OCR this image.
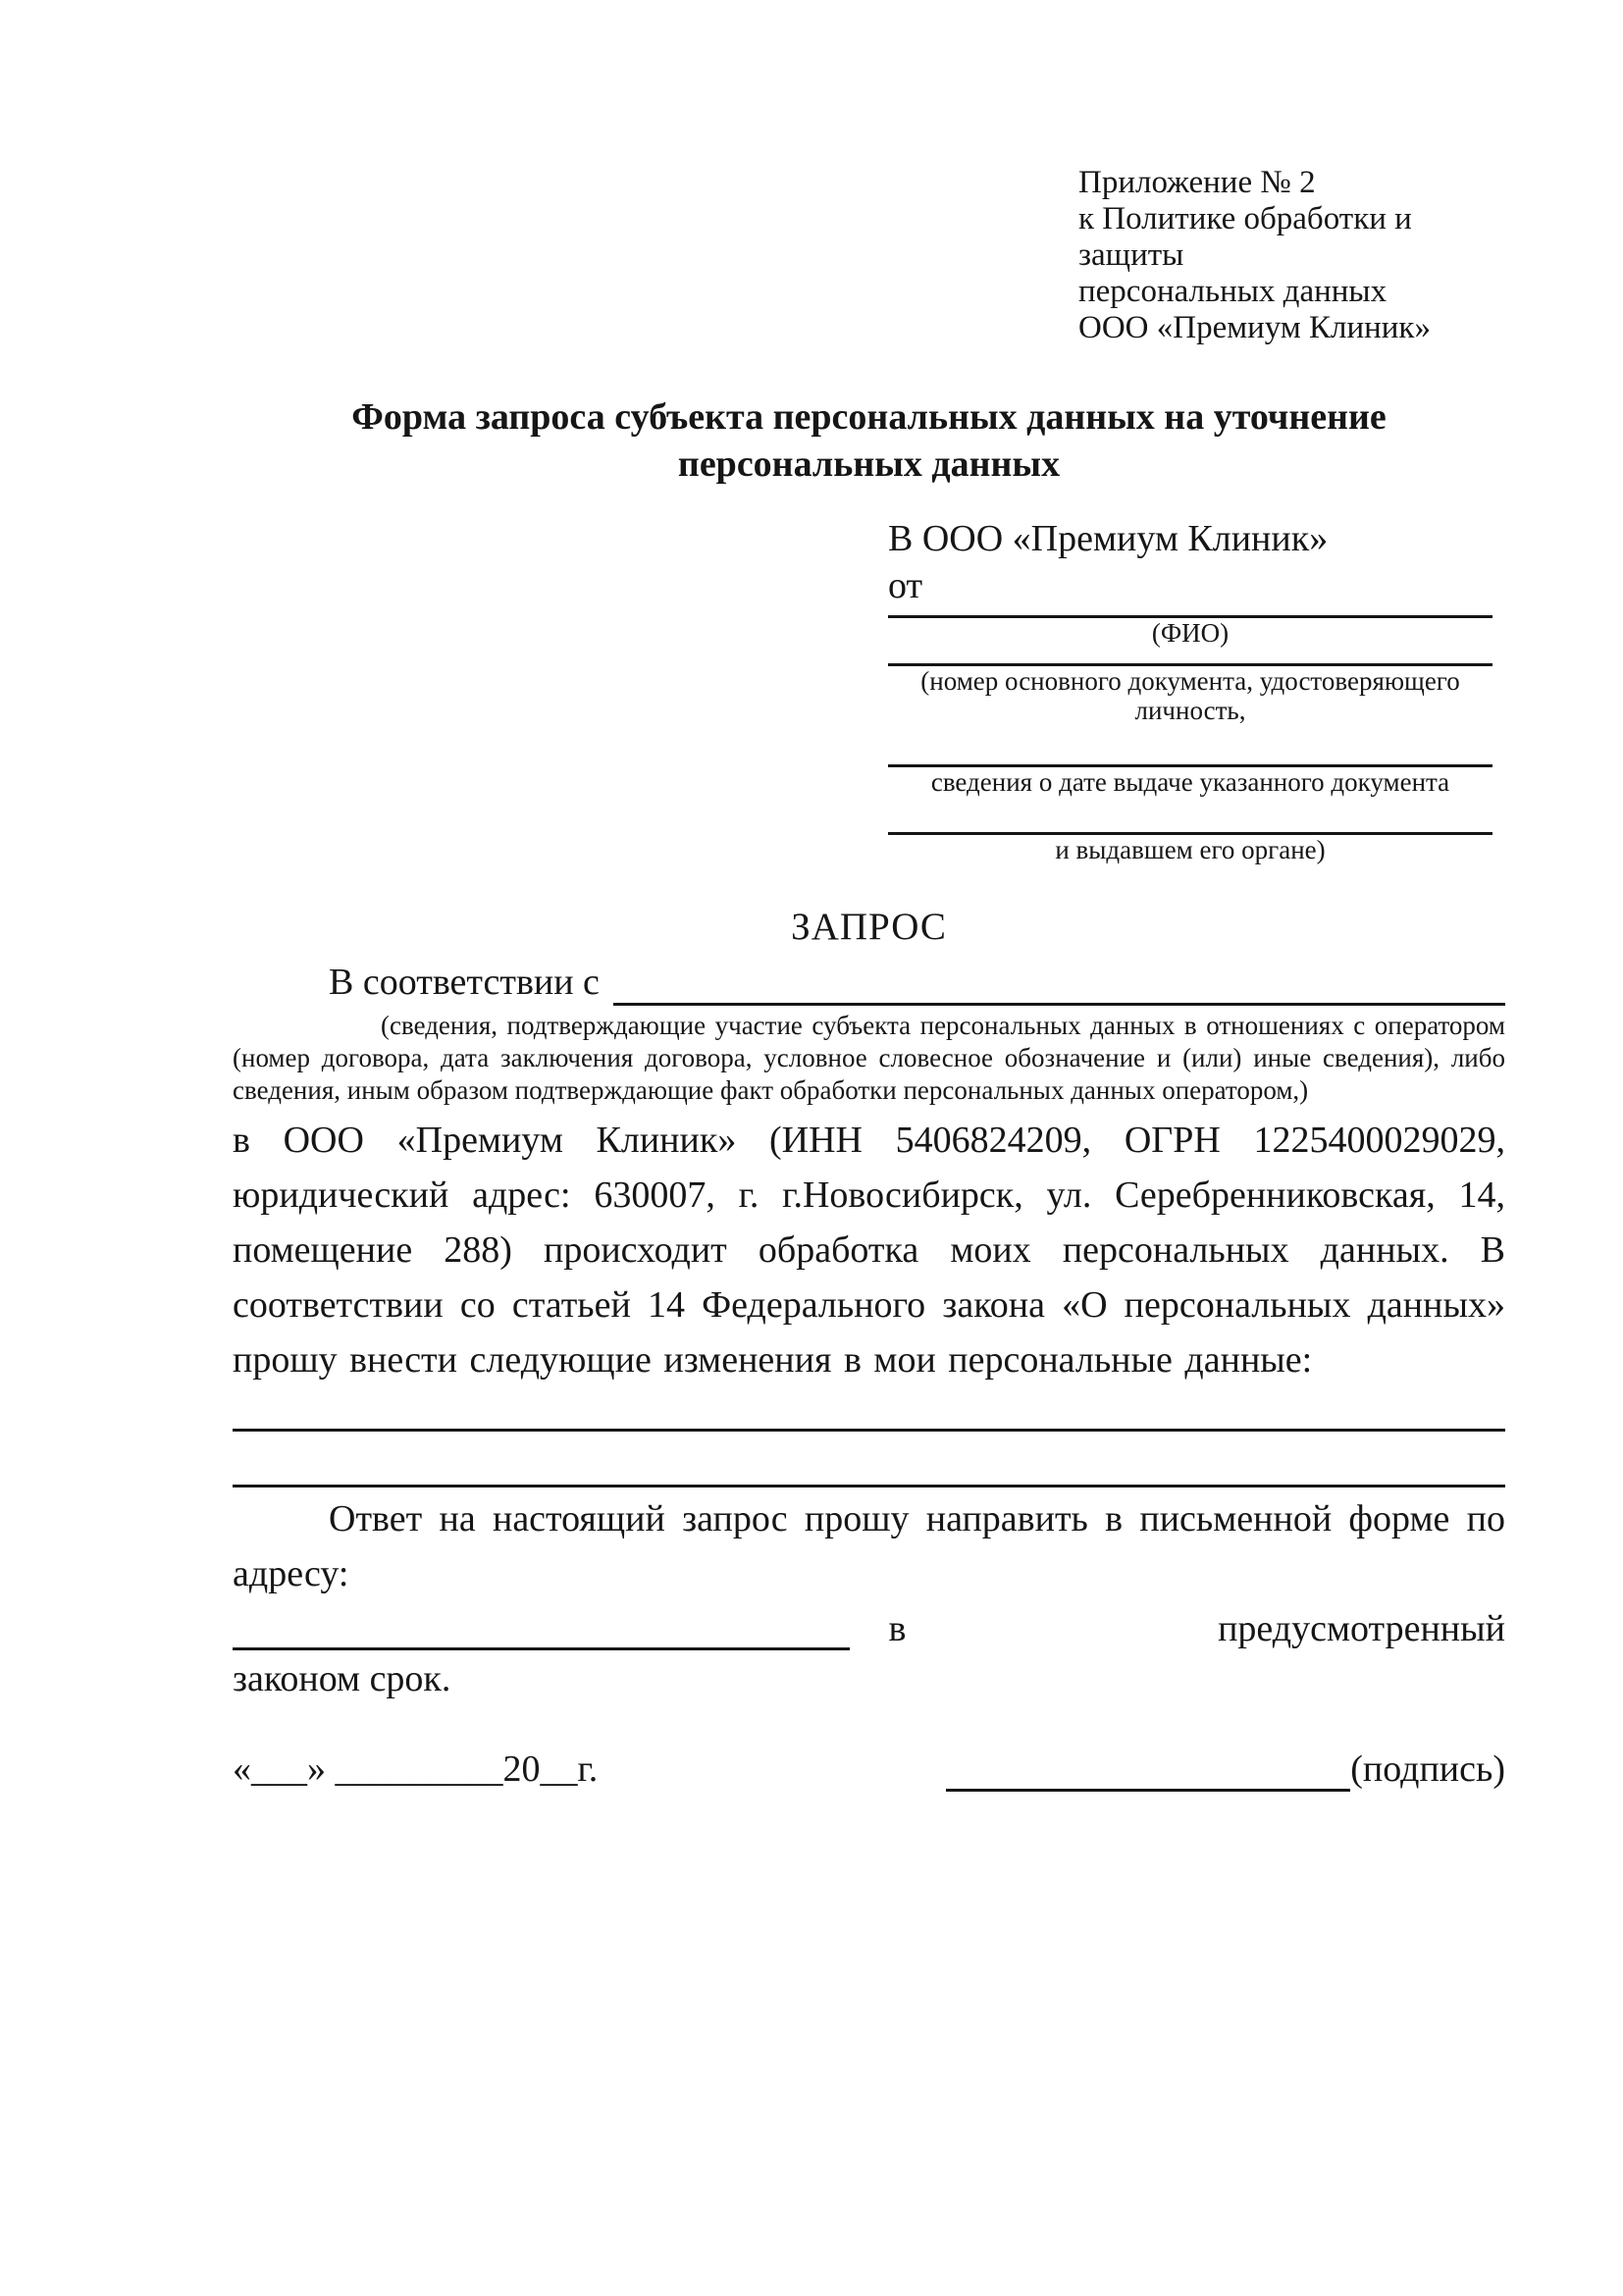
Приложение № 2
к Политике обработки и защиты
персональных данных
ООО «Премиум Клиник»
Форма запроса субъекта персональных данных на уточнение персональных данных
В ООО «Премиум Клиник»
от
(ФИО)
(номер основного документа, удостоверяющего личность,
сведения о дате выдаче указанного документа
и выдавшем его органе)
ЗАПРОС
В соответствии с
(сведения, подтверждающие участие субъекта персональных данных в отношениях с оператором (номер договора, дата заключения договора, условное словесное обозначение и (или) иные сведения), либо сведения, иным образом подтверждающие факт обработки персональных данных оператором,)
в ООО «Премиум Клиник» (ИНН 5406824209, ОГРН 1225400029029, юридический адрес: 630007, г. г.Новосибирск, ул. Серебренниковская, 14, помещение 288) происходит обработка моих персональных данных. В соответствии со статьей 14 Федерального закона «О персональных данных» прошу внести следующие изменения в мои персональные данные:
Ответ на настоящий запрос прошу направить в письменной форме по адресу:
в	предусмотренный
законом срок.
«___» _________20__г.	(подпись)
